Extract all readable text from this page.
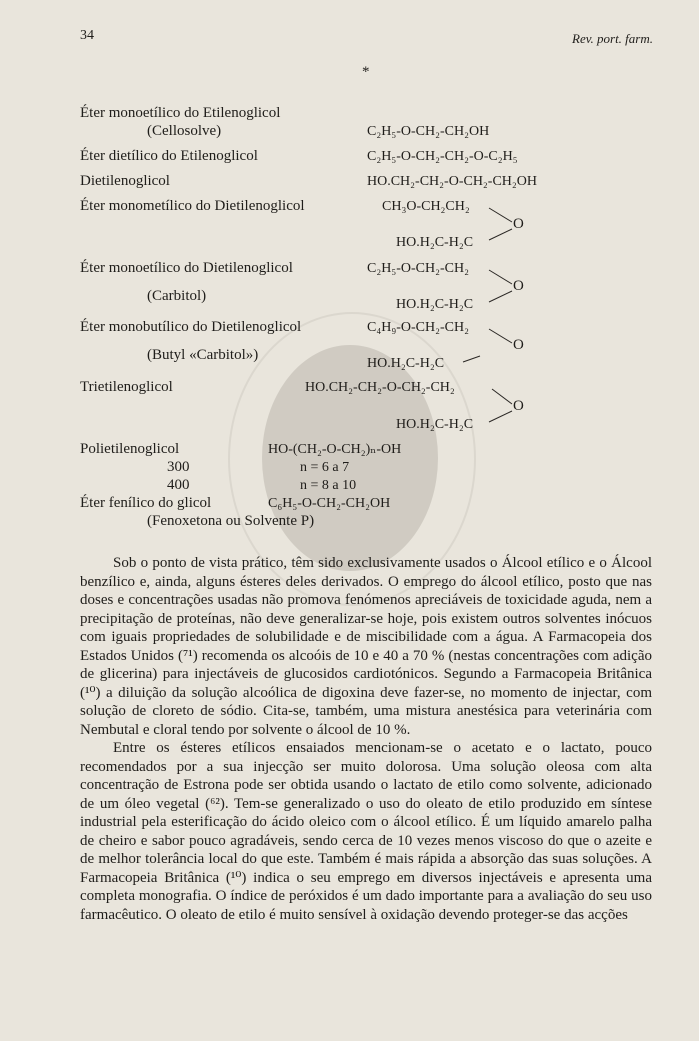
34	Rev. port. farm.
*
Éter monoetílico do Etilenoglicol
(Cellosolve)
Éter dietílico do Etilenoglicol
Dietilenoglicol
Éter monometílico do Dietilenoglicol
Éter monoetílico do Dietilenoglicol
(Carbitol)
Éter monobutílico do Dietilenoglicol
(Butyl «Carbitol»)
Trietilenoglicol
Polietilenoglicol
300
400
Éter fenílico do glicol
(Fenoxetona ou Solvente P)
C₂H₅-O-CH₂-CH₂OH
C₂H₅-O-CH₂-CH₂-O-C₂H₅
HO.CH₂-CH₂-O-CH₂-CH₂OH
CH₃O-CH₂CH₂
O
HO.H₂C-H₂C
C₂H₅-O-CH₂-CH₂
O
HO.H₂C-H₂C
C₄H₉-O-CH₂-CH₂
O
HO.H₂C-H₂C
HO.CH₂-CH₂-O-CH₂-CH₂
O
HO.H₂C-H₂C
HO-(CH₂-O-CH₂)ₙ-OH
n = 6 a 7
n = 8 a 10
C₆H₅-O-CH₂-CH₂OH

Sob o ponto de vista prático, têm sido exclusivamente usados o Álcool etílico e o Álcool benzílico e, ainda, alguns ésteres deles derivados. O emprego do álcool etílico, posto que nas doses e concentrações usadas não promova fenómenos apreciáveis de toxicidade aguda, nem a precipitação de proteínas, não deve generalizar-se hoje, pois existem outros solventes inócuos com iguais propriedades de solubilidade e de miscibilidade com a água. A Farmacopeia dos Estados Unidos (⁷¹) recomenda os alcoóis de 10 e 40 a 70 % (nestas concentrações com adição de glicerina) para injectáveis de glucosidos cardiotónicos. Segundo a Farmacopeia Britânica (¹⁰) a diluição da solução alcoólica de digoxina deve fazer-se, no momento de injectar, com solução de cloreto de sódio. Cita-se, também, uma mistura anestésica para veterinária com Nembutal e cloral tendo por solvente o álcool de 10 %.

Entre os ésteres etílicos ensaiados mencionam-se o acetato e o lactato, pouco recomendados por a sua injecção ser muito dolorosa. Uma solução oleosa com alta concentração de Estrona pode ser obtida usando o lactato de etilo como solvente, adicionado de um óleo vegetal (⁶²). Tem-se generalizado o uso do oleato de etilo produzido em síntese industrial pela esterificação do ácido oleico com o álcool etílico. É um líquido amarelo palha de cheiro e sabor pouco agradáveis, sendo cerca de 10 vezes menos viscoso do que o azeite e de melhor tolerância local do que este. Também é mais rápida a absorção das suas soluções. A Farmacopeia Britânica (¹⁰) indica o seu emprego em diversos injectáveis e apresenta uma completa monografia. O índice de peróxidos é um dado importante para a avaliação do seu uso farmacêutico. O oleato de etilo é muito sensível à oxidação devendo proteger-se das acções
